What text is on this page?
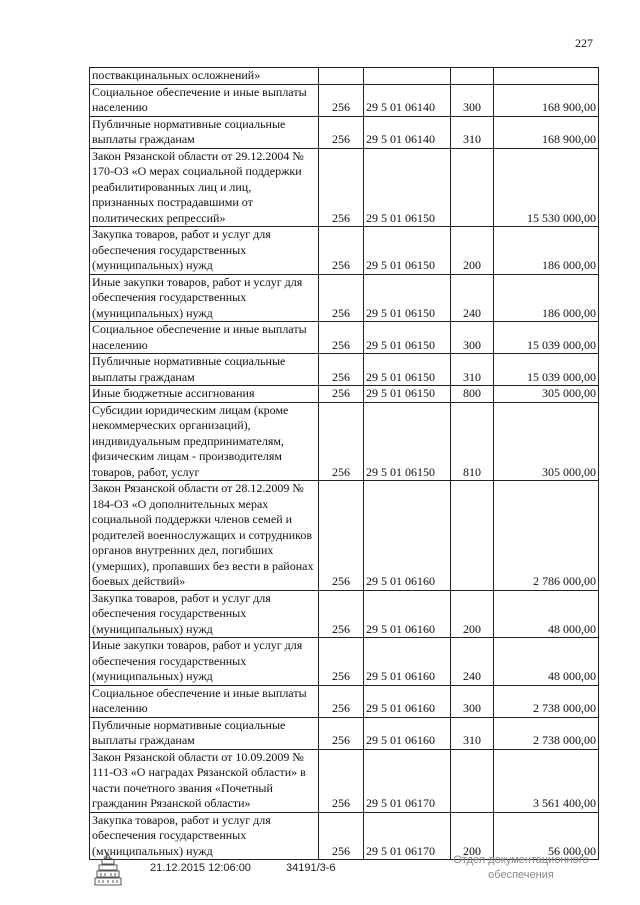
227
поствакцинальных осложнений»				
Социальное обеспечение и иные выплаты населению	256	29 5 01 06140	300	168 900,00
Публичные нормативные социальные выплаты гражданам	256	29 5 01 06140	310	168 900,00
Закон Рязанской области от 29.12.2004 № 170-ОЗ «О мерах социальной поддержки реабилитированных лиц и лиц, признанных пострадавшими от политических репрессий»	256	29 5 01 06150		15 530 000,00
Закупка товаров, работ и услуг для обеспечения государственных (муниципальных) нужд	256	29 5 01 06150	200	186 000,00
Иные закупки товаров, работ и услуг для обеспечения государственных (муниципальных) нужд	256	29 5 01 06150	240	186 000,00
Социальное обеспечение и иные выплаты населению	256	29 5 01 06150	300	15 039 000,00
Публичные нормативные социальные выплаты гражданам	256	29 5 01 06150	310	15 039 000,00
Иные бюджетные ассигнования	256	29 5 01 06150	800	305 000,00
Субсидии юридическим лицам (кроме некоммерческих организаций), индивидуальным предпринимателям, физическим лицам - производителям товаров, работ, услуг	256	29 5 01 06150	810	305 000,00
Закон Рязанской области от 28.12.2009 № 184-ОЗ «О дополнительных мерах социальной поддержки членов семей и родителей военнослужащих и сотрудников органов внутренних дел, погибших (умерших), пропавших без вести в районах боевых действий»	256	29 5 01 06160		2 786 000,00
Закупка товаров, работ и услуг для обеспечения государственных (муниципальных) нужд	256	29 5 01 06160	200	48 000,00
Иные закупки товаров, работ и услуг для обеспечения государственных (муниципальных) нужд	256	29 5 01 06160	240	48 000,00
Социальное обеспечение и иные выплаты населению	256	29 5 01 06160	300	2 738 000,00
Публичные нормативные социальные выплаты гражданам	256	29 5 01 06160	310	2 738 000,00
Закон Рязанской области от 10.09.2009 № 111-ОЗ «О наградах Рязанской области» в части почетного звания «Почетный гражданин Рязанской области»	256	29 5 01 06170		3 561 400,00
Закупка товаров, работ и услуг для обеспечения государственных (муниципальных) нужд	256	29 5 01 06170	200	56 000,00
21.12.2015 12:06:00	34191/3-6
Отдел документационного
обеспечения
